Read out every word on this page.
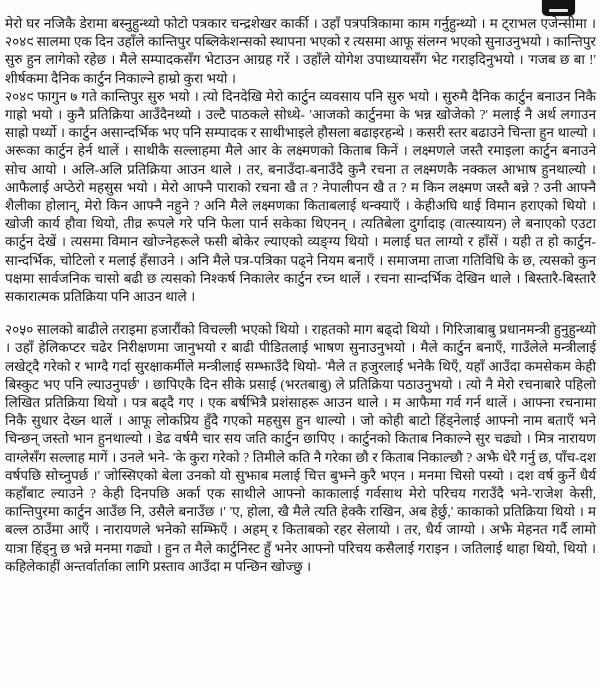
मेरो घर नजिकै डेरामा बस्नुहुन्थ्यो फोटो पत्रकार चन्द्रशेखर कार्की । उहाँ पत्रपत्रिकामा काम गर्नुहुन्थ्यो । म ट्राभल एजेन्सीमा । २०४९ सालमा एक दिन उहाँले कान्तिपुर पब्लिकेशन्सको स्थापना भएको र त्यसमा आफू संलग्न भएको सुनाउनुभयो । कान्तिपुर सुरु हुन लागेको रहेछ । मैले सम्पादकसँग भेटाउन आग्रह गरें । उहाँले योगेश उपाध्यायसँग भेट गराइदिनुभयो । 'गजब छ बा !' शीर्षकमा दैनिक कार्टुन निकाल्ने हाम्रो कुरा भयो ।

२०४९ फागुन ७ गते कान्तिपुर सुरु भयो । त्यो दिनदेखि मेरो कार्टुन व्यवसाय पनि सुरु भयो । सुरुमै दैनिक कार्टुन बनाउन निकै गाह्रो भयो । कुनै प्रतिक्रिया आउँदैनथ्यो । उल्टै पाठकले सोध्थे- 'आजको कार्टुनमा के भन्न खोजेको ?' मलाई नै अर्थ लगाउन साह्रो पर्थ्यो । कार्टुन असान्दर्भिक भए पनि सम्पादक र साथीभाइले हौसला बढाइरहन्थे । कसरी स्तर बढाउने चिन्ता हुन थाल्यो । अरूका कार्टुन हेर्न थालें । साथीकै सल्लाहमा मैले आर के लक्ष्मणको किताब किनें । लक्ष्मणले जस्तै रमाइला कार्टुन बनाउने सोच आयो । अलि-अलि प्रतिक्रिया आउन थाले । तर, बनाउँदा-बनाउँदै कुनै रचना त लक्ष्मणकै नक्कल आभाष हुनथाल्यो । आफैलाई अप्ठेरो महसुस भयो । मेरो आफ्नै पाराको रचना खै त ? नेपालीपन खै त ? म किन लक्ष्मण जस्तै बन्ने ? उनी आफ्नै शैलीका होलान्, मेरो किन आफ्नै नहुने ? अनि मैले लक्ष्मणका किताबलाई थन्क्याएँ । केहीअघि थाई विमान हराएको थियो । खोजी कार्य हौवा थियो, तीव्र रूपले गरे पनि फेला पार्न सकेका थिएनन् । त्यतिबेला दुर्गादाइ (वात्स्यायन) ले बनाएको एउटा कार्टुन देखें । त्यसमा विमान खोज्नेहरूले फसी बोकेर ल्याएको व्यङ्ग्य थियो । मलाई घत लाग्यो र हाँसें । यही त हो कार्टुन-सान्दर्भिक, चोटिलो र मलाई हँसाउने । अनि मैले पत्र-पत्रिका पढ्ने नियम बनाएँ । समाजमा ताजा गतिविधि के छ, त्यसको कुन पक्षमा सार्वजनिक चासो बढी छ त्यसको निश्कर्ष निकालेर कार्टुन रच्न थालें । रचना सान्दर्भिक देखिन थाले । बिस्तारै-बिस्तारै सकारात्मक प्रतिक्रिया पनि आउन थाले ।

२०५० सालको बाढीले तराइमा हजारौंको विचल्ली भएको थियो । राहतको माग बढ्दो थियो । गिरिजाबाबु प्रधानमन्त्री हुनुहुन्थ्यो । उहाँ हेलिकप्टर चढेर निरीक्षणमा जानुभयो र बाढी पीडितलाई भाषण सुनाउनुभयो । मैले कार्टुन बनाएँ, गाउँलेले मन्त्रीलाई लखेट्दै गरेको र भाग्दै गर्दा सुरक्षाकर्मीले मन्त्रीलाई सम्झाउँदै थियो- 'मैले त हजुरलाई भनेकै थिएँ, यहाँ आउँदा कमसेकम केही बिस्कुट भए पनि ल्याउनुपर्छ' । छापिएकै दिन सीके प्रसाई (भरतबाबु) ले प्रतिक्रिया पठाउनुभयो । त्यो नै मेरो रचनाबारे पहिलो लिखित प्रतिक्रिया थियो । पत्र बढ्दै गए । एक बर्षभित्रै प्रशंसाहरू आउन थाले । म आफैमा गर्व गर्न थालें । आफ्ना रचनामा निकै सुधार देख्न थालें । आफू लोकप्रिय हुँदै गएको महसुस हुन थाल्यो । जो कोही बाटो हिंड्नेलाई आफ्नो नाम बताएँ भने चिन्छन् जस्तो भान हुनथाल्यो । डेढ वर्षमै चार सय जति कार्टुन छापिए । कार्टुनको किताब निकाल्ने सुर चढ्यो । मित्र नारायण वाग्लेसँग सल्लाह मागें । उनले भने- 'के कुरा गरेको ? तिमीले कति नै गरेका छौ र किताब निकाल्छौ ? अझै धेरै गर्नु छ, पाँच-दश वर्षपछि सोच्नुपर्छ ।' जोस्सिएको बेला उनको यो सुझाब मलाई चित्त बुझ्ने कुरै भएन । मनमा चिसो पस्यो । दश वर्ष कुर्ने धैर्य कहाँबाट ल्याउने ? केही दिनपछि अर्का एक साथीले आफ्नो काकालाई गर्वसाथ मेरो परिचय गराउँदै भने-'राजेश केसी, कान्तिपुरमा कार्टुन आउँछ नि, उसैले बनाउँछ ।' 'ए, होला, खै मैले त्यति हेक्कै राखिन, अब हेर्छु,' काकाको प्रतिक्रिया थियो । म बल्ल ठाउँमा आएँ । नारायणले भनेको सम्झिएँ । अहम् र किताबको रहर सेलायो । तर, धैर्य जाग्यो । अझै मेहनत गर्दै लामो यात्रा हिंड्नु छ भन्ने मनमा गढ्यो । हुन त मैले कार्टुनिस्ट हुँ भनेर आफ्नो परिचय कसैलाई गराइन । जतिलाई थाहा थियो, थियो । कहिलेकाहीं अन्तर्वार्ताका लागि प्रस्ताव आउँदा म पन्छिन खोज्छु ।
